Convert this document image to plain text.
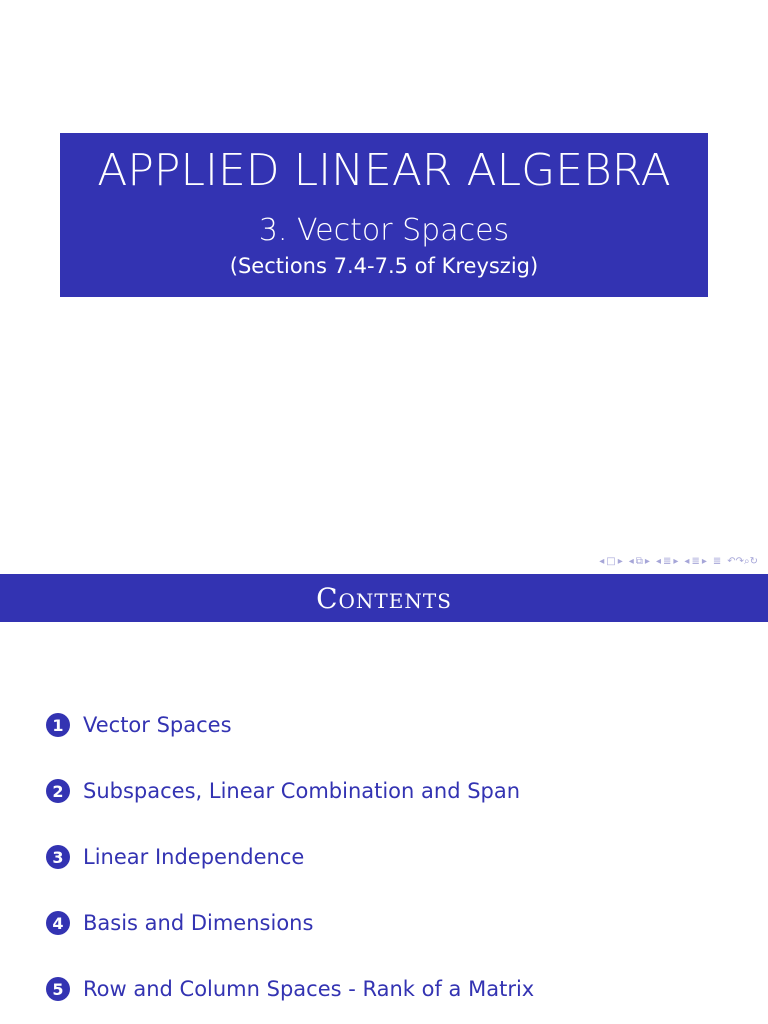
APPLIED LINEAR ALGEBRA
3. Vector Spaces
(Sections 7.4-7.5 of Kreyszig)
◂ □ ▸ ◂ ⧉ ▸ ◂ ≣ ▸ ◂ ≣ ▸ ≣ ↶↷⌕↻
Contents
1 Vector Spaces
2 Subspaces, Linear Combination and Span
3 Linear Independence
4 Basis and Dimensions
5 Row and Column Spaces - Rank of a Matrix
